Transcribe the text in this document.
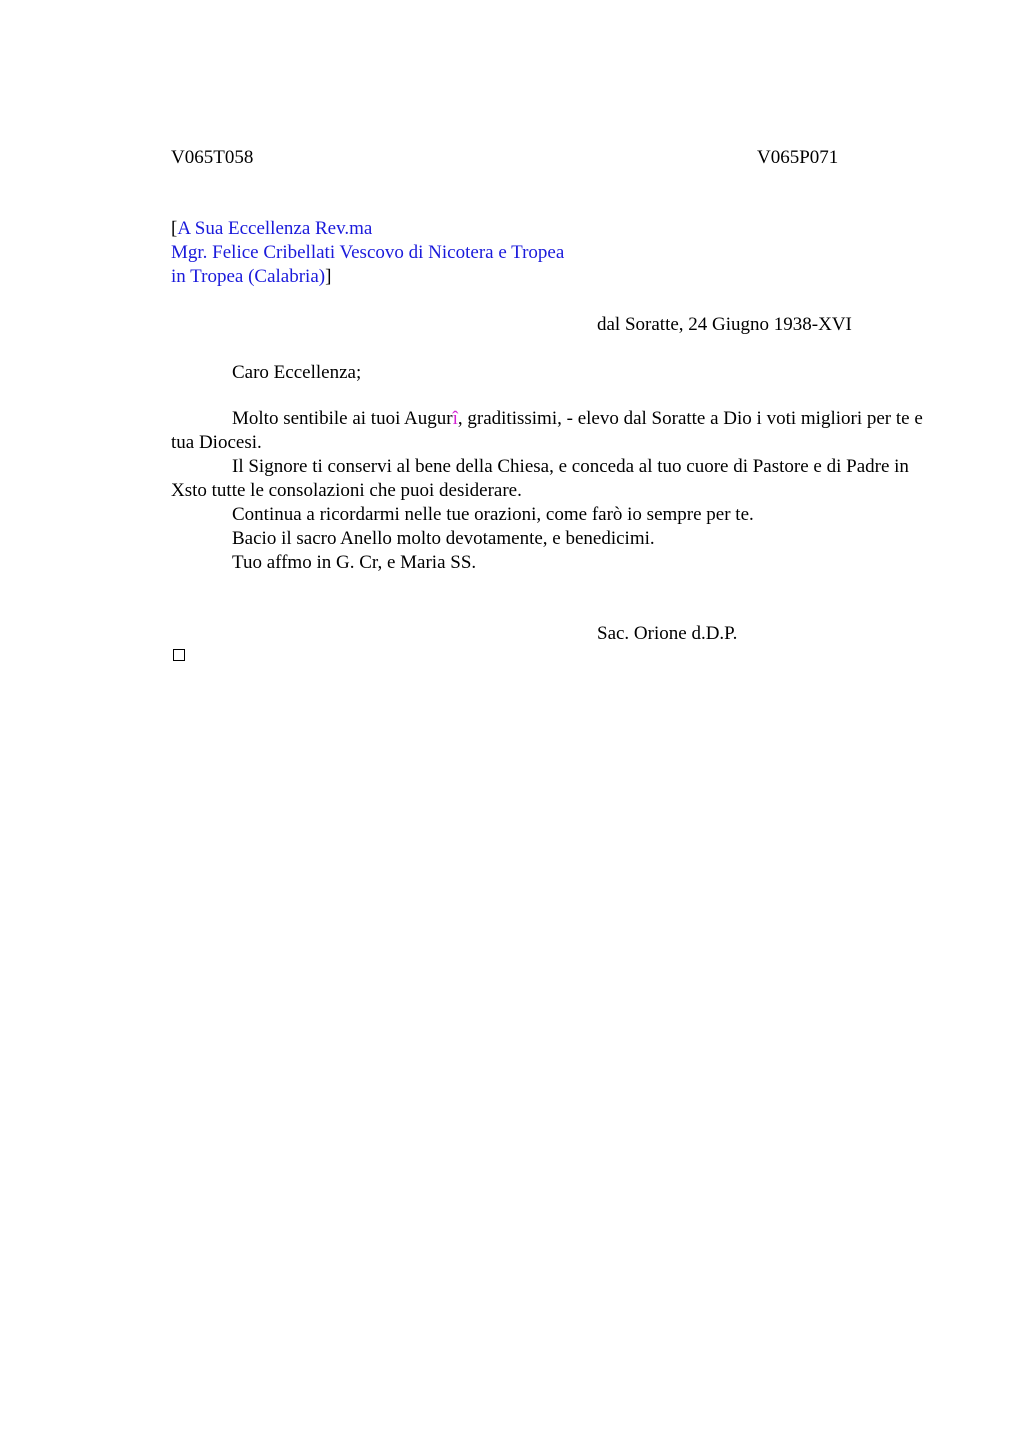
V065T058	V065P071
[A Sua Eccellenza Rev.ma
Mgr. Felice Cribellati Vescovo di Nicotera e Tropea
in Tropea (Calabria)]
dal Soratte, 24 Giugno 1938-XVI
Caro Eccellenza;
Molto sentibile ai tuoi Augurî, graditissimi, - elevo dal Soratte a Dio i voti migliori per te e tua Diocesi.
Il Signore ti conservi al bene della Chiesa, e conceda al tuo cuore di Pastore e di Padre in Xsto tutte le consolazioni che puoi desiderare.
Continua a ricordarmi nelle tue orazioni, come farò io sempre per te.
Bacio il sacro Anello molto devotamente, e benedicimi.
Tuo affmo in G. Cr, e Maria SS.
Sac. Orione d.D.P.
